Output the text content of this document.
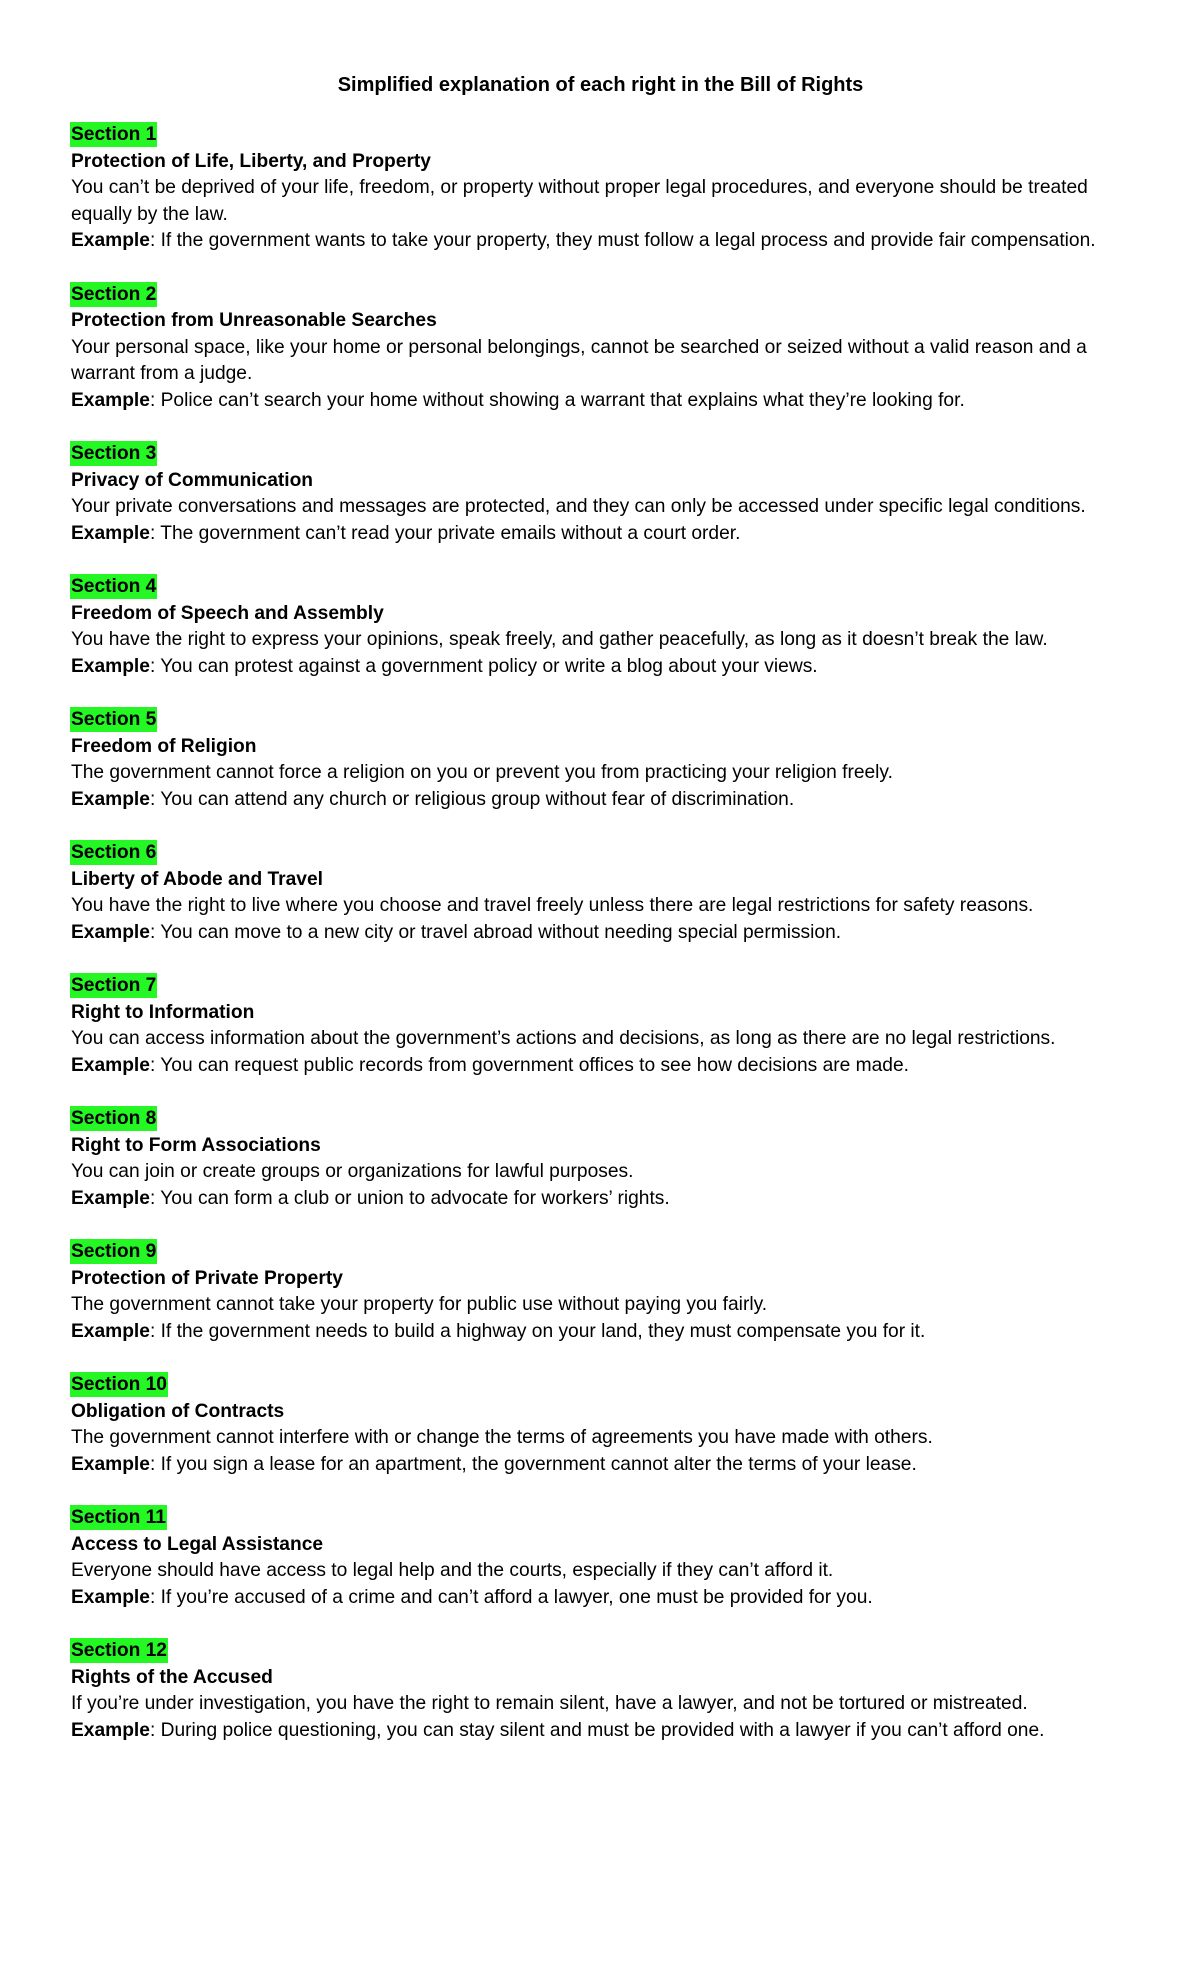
Simplified explanation of each right in the Bill of Rights
Section 1
Protection of Life, Liberty, and Property
You can’t be deprived of your life, freedom, or property without proper legal procedures, and everyone should be treated equally by the law.
Example: If the government wants to take your property, they must follow a legal process and provide fair compensation.
Section 2
Protection from Unreasonable Searches
Your personal space, like your home or personal belongings, cannot be searched or seized without a valid reason and a warrant from a judge.
Example: Police can’t search your home without showing a warrant that explains what they’re looking for.
Section 3
Privacy of Communication
Your private conversations and messages are protected, and they can only be accessed under specific legal conditions.
Example: The government can’t read your private emails without a court order.
Section 4
Freedom of Speech and Assembly
You have the right to express your opinions, speak freely, and gather peacefully, as long as it doesn’t break the law.
Example: You can protest against a government policy or write a blog about your views.
Section 5
Freedom of Religion
The government cannot force a religion on you or prevent you from practicing your religion freely.
Example: You can attend any church or religious group without fear of discrimination.
Section 6
Liberty of Abode and Travel
You have the right to live where you choose and travel freely unless there are legal restrictions for safety reasons.
Example: You can move to a new city or travel abroad without needing special permission.
Section 7
Right to Information
You can access information about the government’s actions and decisions, as long as there are no legal restrictions.
Example: You can request public records from government offices to see how decisions are made.
Section 8
Right to Form Associations
You can join or create groups or organizations for lawful purposes.
Example: You can form a club or union to advocate for workers’ rights.
Section 9
Protection of Private Property
The government cannot take your property for public use without paying you fairly.
Example: If the government needs to build a highway on your land, they must compensate you for it.
Section 10
Obligation of Contracts
The government cannot interfere with or change the terms of agreements you have made with others.
Example: If you sign a lease for an apartment, the government cannot alter the terms of your lease.
Section 11
Access to Legal Assistance
Everyone should have access to legal help and the courts, especially if they can’t afford it.
Example: If you’re accused of a crime and can’t afford a lawyer, one must be provided for you.
Section 12
Rights of the Accused
If you’re under investigation, you have the right to remain silent, have a lawyer, and not be tortured or mistreated.
Example: During police questioning, you can stay silent and must be provided with a lawyer if you can’t afford one.
